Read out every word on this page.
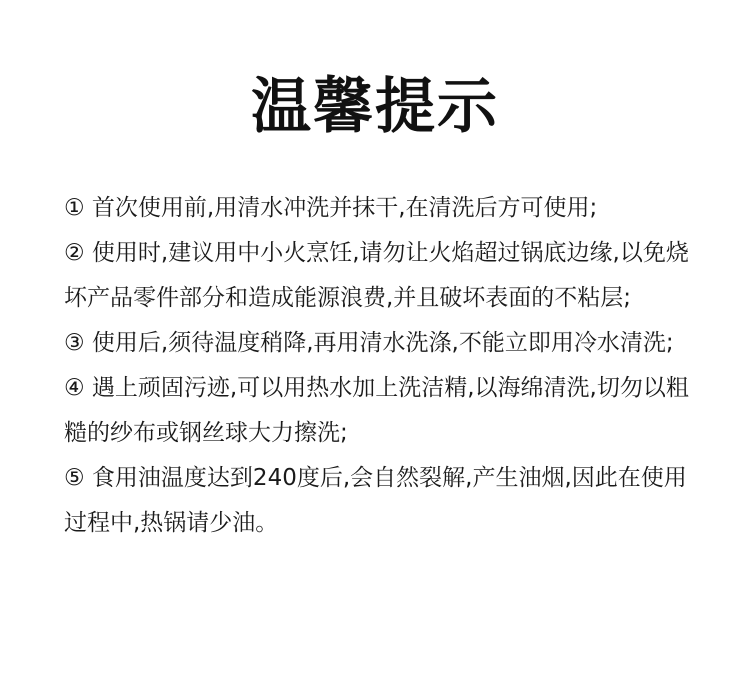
温馨提示
① 首次使用前,用清水冲洗并抹干,在清洗后方可使用;
② 使用时,建议用中小火烹饪,请勿让火焰超过锅底边缘,以免烧坏产品零件部分和造成能源浪费,并且破坏表面的不粘层;
③ 使用后,须待温度稍降,再用清水洗涤,不能立即用冷水清洗;
④ 遇上顽固污迹,可以用热水加上洗洁精,以海绵清洗,切勿以粗糙的纱布或钢丝球大力擦洗;
⑤ 食用油温度达到240度后,会自然裂解,产生油烟,因此在使用过程中,热锅请少油。
